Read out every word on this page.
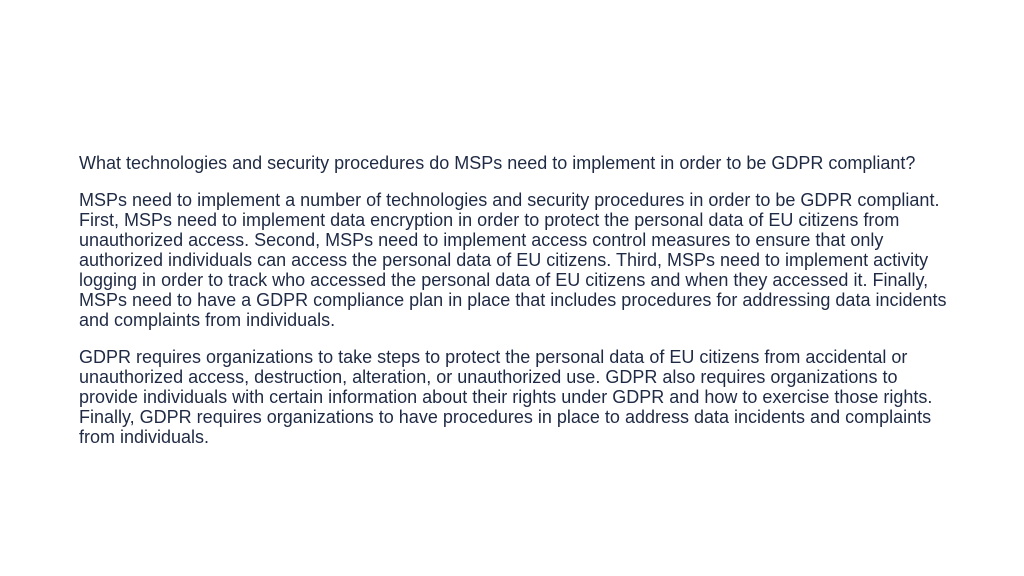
What technologies and security procedures do MSPs need to implement in order to be GDPR compliant?

MSPs need to implement a number of technologies and security procedures in order to be GDPR compliant. First, MSPs need to implement data encryption in order to protect the personal data of EU citizens from unauthorized access. Second, MSPs need to implement access control measures to ensure that only authorized individuals can access the personal data of EU citizens. Third, MSPs need to implement activity logging in order to track who accessed the personal data of EU citizens and when they accessed it. Finally, MSPs need to have a GDPR compliance plan in place that includes procedures for addressing data incidents and complaints from individuals.

GDPR requires organizations to take steps to protect the personal data of EU citizens from accidental or unauthorized access, destruction, alteration, or unauthorized use. GDPR also requires organizations to provide individuals with certain information about their rights under GDPR and how to exercise those rights. Finally, GDPR requires organizations to have procedures in place to address data incidents and complaints from individuals.
